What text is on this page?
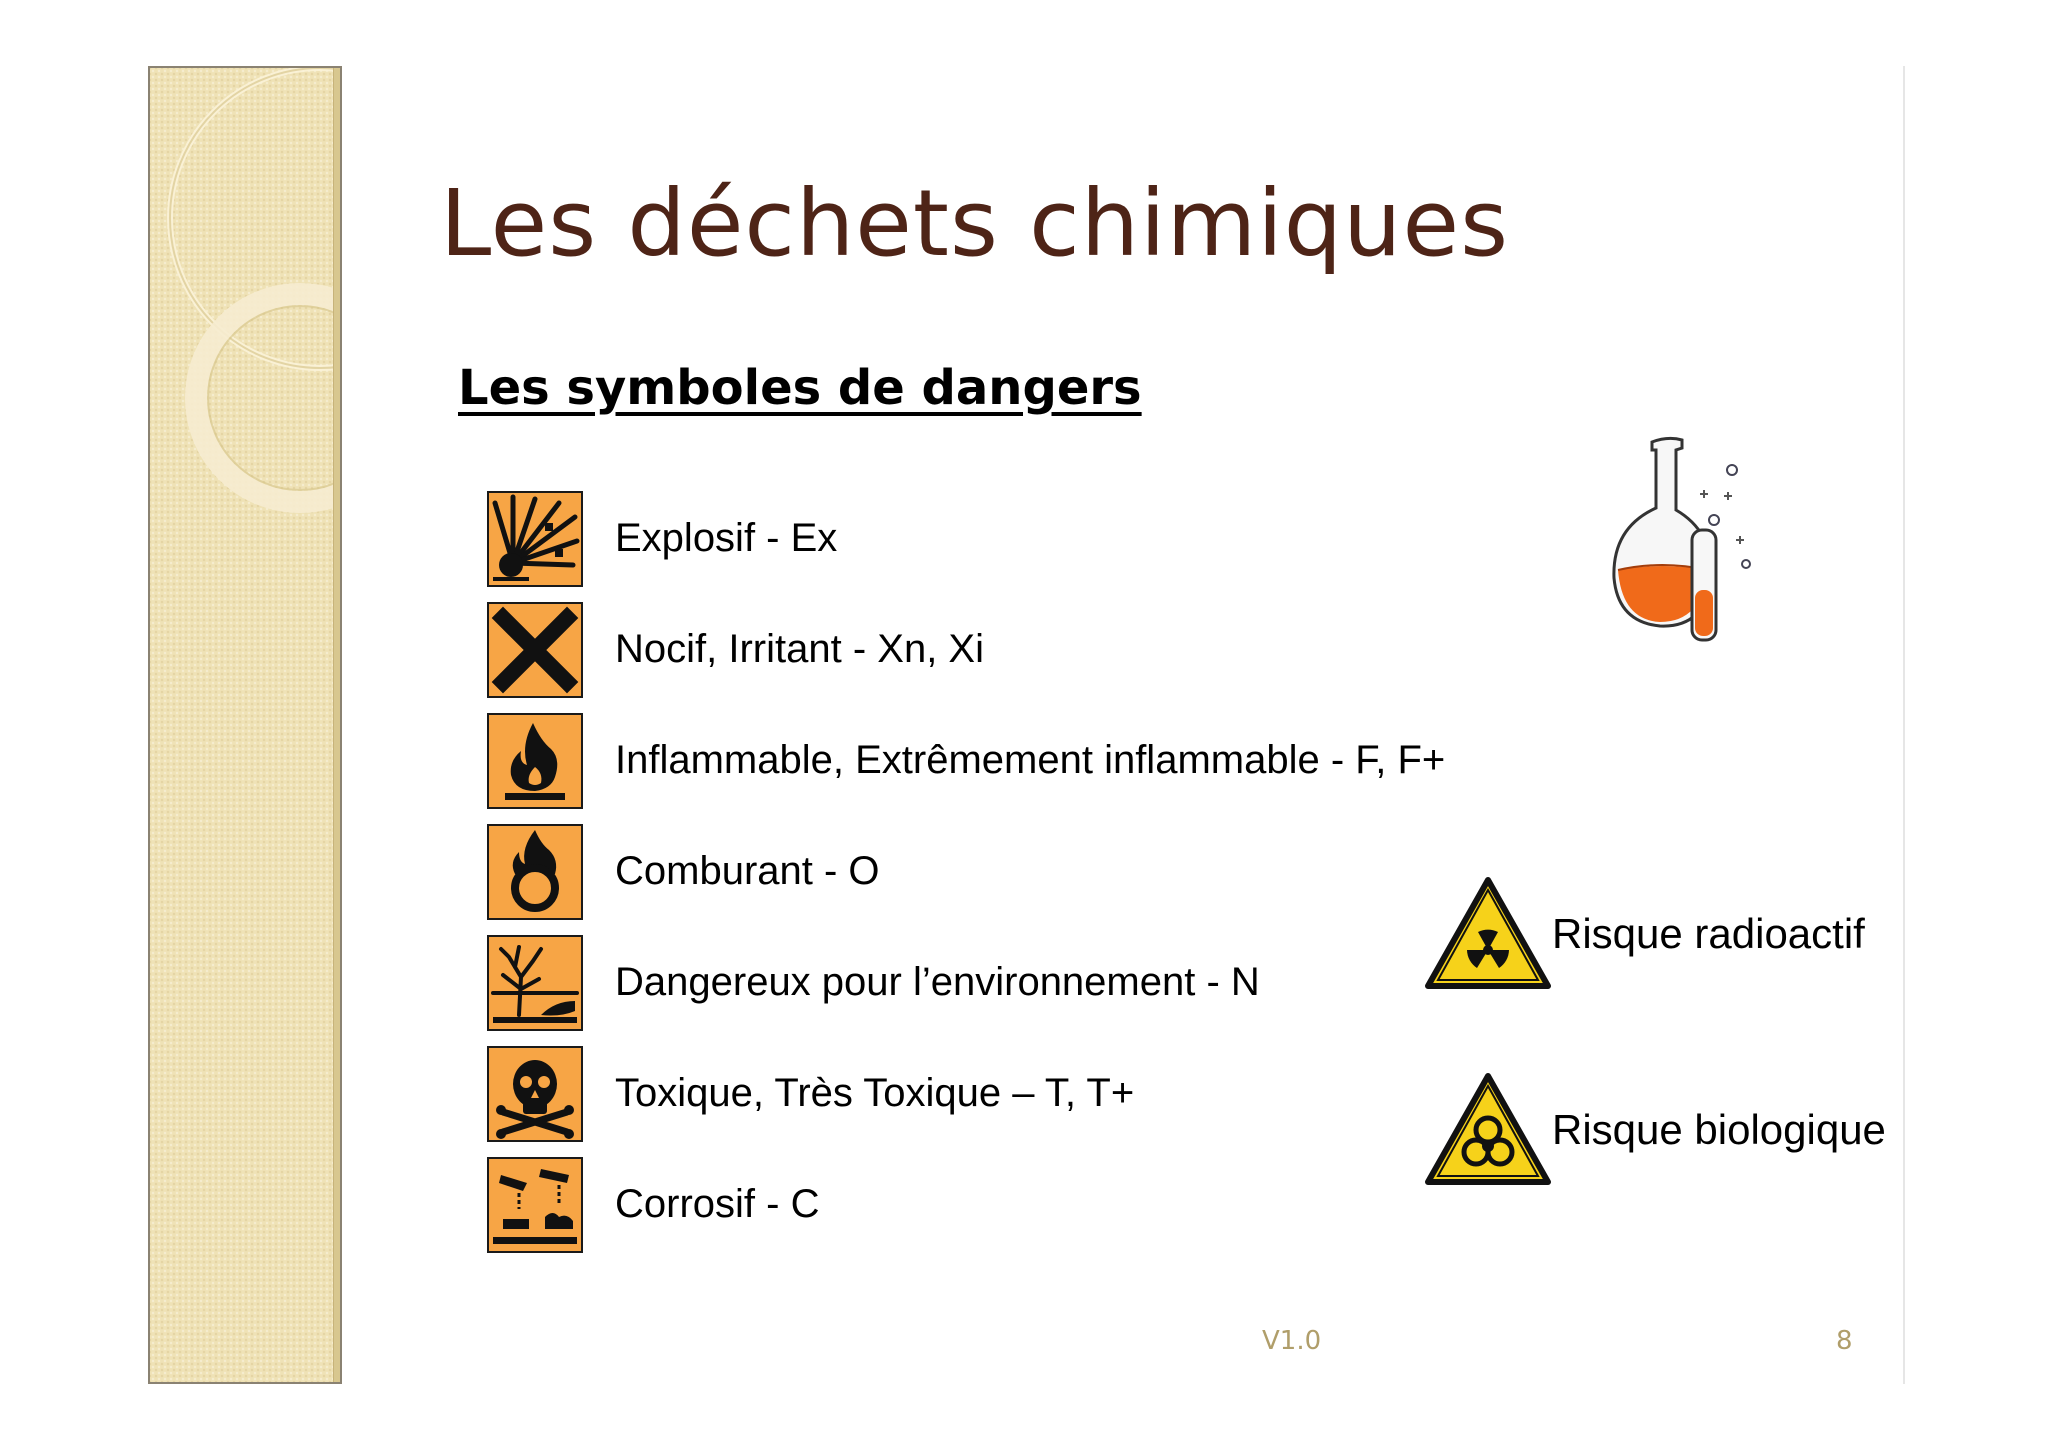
Les déchets chimiques
Les symboles de dangers
Explosif - Ex
Nocif, Irritant - Xn, Xi
Inflammable, Extrêmement inflammable - F, F+
Comburant - O
Dangereux pour l’environnement - N
Toxique, Très Toxique – T, T+
Corrosif - C
Risque radioactif
Risque biologique
V1.0	8
